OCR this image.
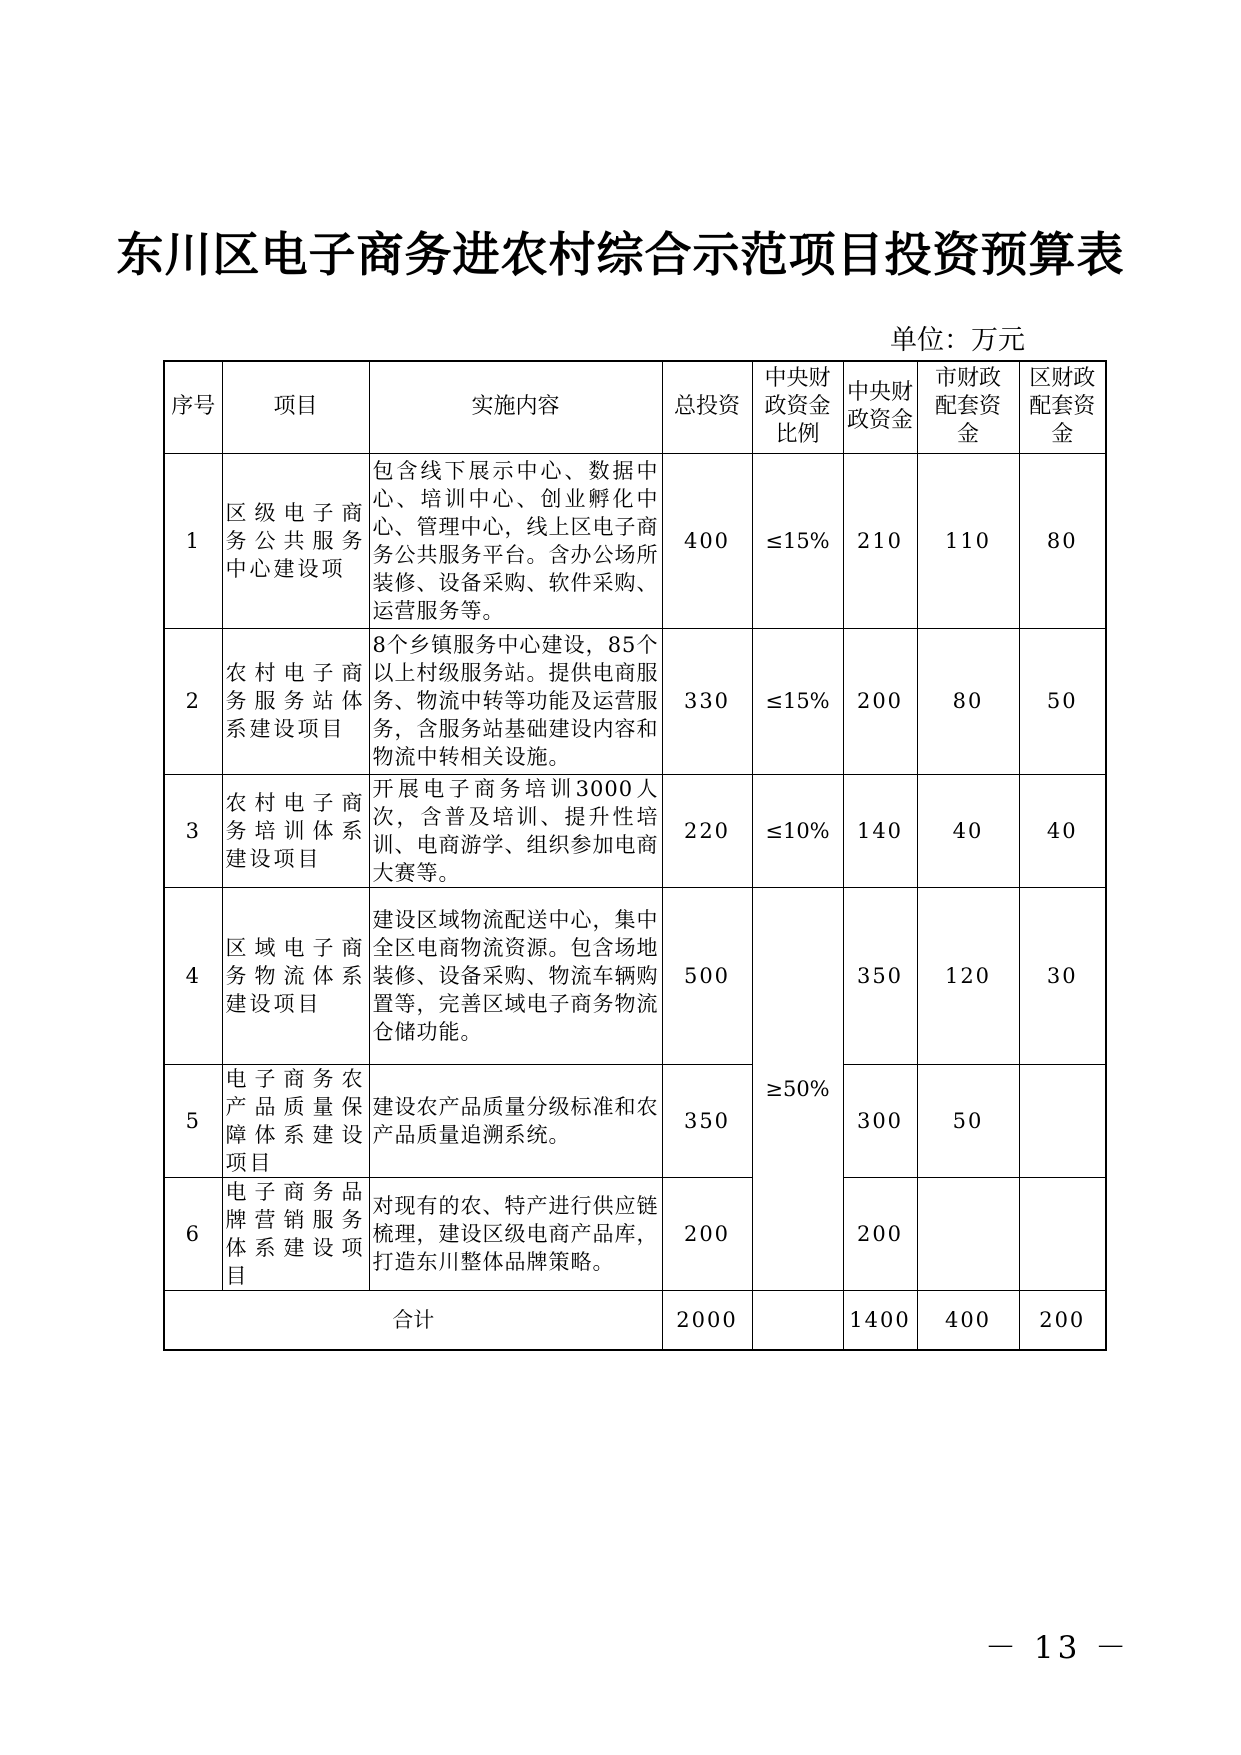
东川区电子商务进农村综合示范项目投资预算表
单位：万元
序号	项目	实施内容	总投资	中央财政资金比例	中央财政资金	市财政配套资金	区财政配套资金
1	区级电子商务公共服务中心建设项	包含线下展示中心、数据中心、培训中心、创业孵化中心、管理中心，线上区电子商务公共服务平台。含办公场所装修、设备采购、软件采购、运营服务等。	400	≤15%	210	110	80
2	农村电子商务服务站体系建设项目	8个乡镇服务中心建设，85个以上村级服务站。提供电商服务、物流中转等功能及运营服务，含服务站基础建设内容和物流中转相关设施。	330	≤15%	200	80	50
3	农村电子商务培训体系建设项目	开展电子商务培训3000人次，含普及培训、提升性培训、电商游学、组织参加电商大赛等。	220	≤10%	140	40	40
4	区域电子商务物流体系建设项目	建设区域物流配送中心，集中全区电商物流资源。包含场地装修、设备采购、物流车辆购置等，完善区域电子商务物流仓储功能。	500	≥50%	350	120	30
5	电子商务农产品质量保障体系建设项目	建设农产品质量分级标准和农产品质量追溯系统。	350		300	50	
6	电子商务品牌营销服务体系建设项目	对现有的农、特产进行供应链梳理，建设区级电商产品库，打造东川整体品牌策略。	200		200		
合计			2000		1400	400	200
－ 13 －
